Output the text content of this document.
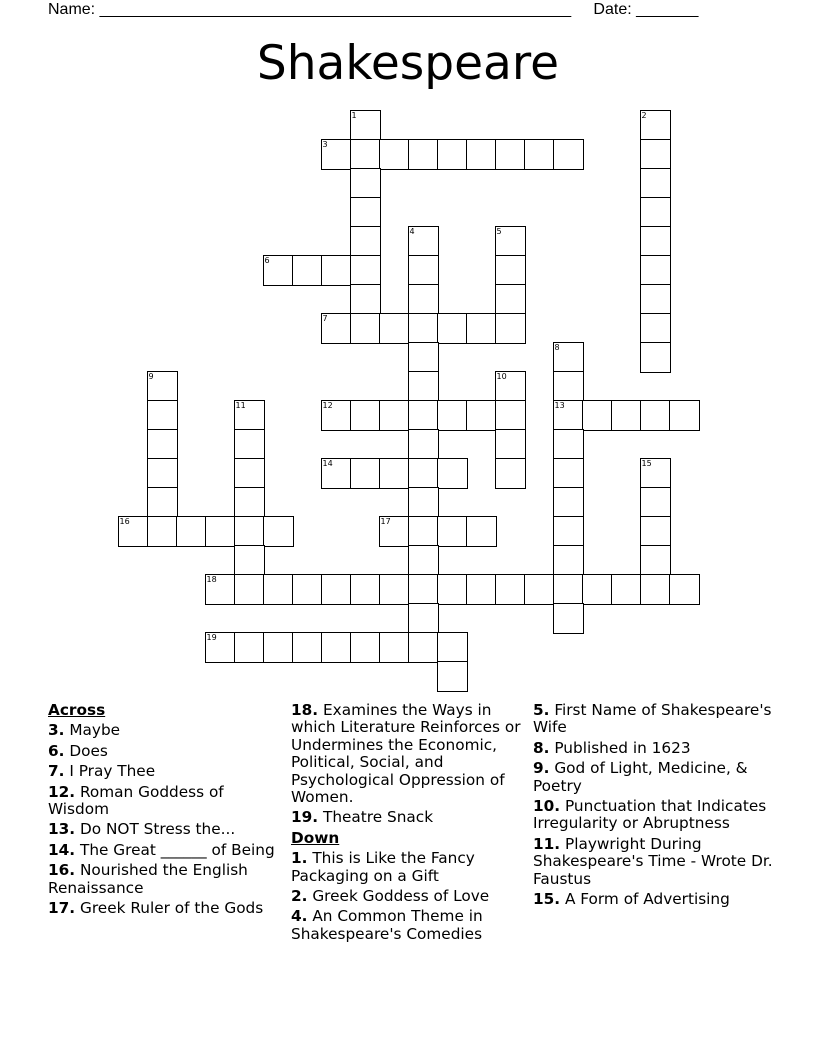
Name: _____________________________________________________     Date: _______
Shakespeare
1	2
3
4	5
6
7
8
9	10
11	12	13
14	15
16	17
18
19
Across
3. Maybe
6. Does
7. I Pray Thee
12. Roman Goddess of Wisdom
13. Do NOT Stress the...
14. The Great ______ of Being
16. Nourished the English Renaissance
17. Greek Ruler of the Gods
18. Examines the Ways in which Literature Reinforces or Undermines the Economic, Political, Social, and Psychological Oppression of Women.
19. Theatre Snack
Down
1. This is Like the Fancy Packaging on a Gift
2. Greek Goddess of Love
4. An Common Theme in Shakespeare's Comedies
5. First Name of Shakespeare's Wife
8. Published in 1623
9. God of Light, Medicine, & Poetry
10. Punctuation that Indicates Irregularity or Abruptness
11. Playwright During Shakespeare's Time - Wrote Dr. Faustus
15. A Form of Advertising
